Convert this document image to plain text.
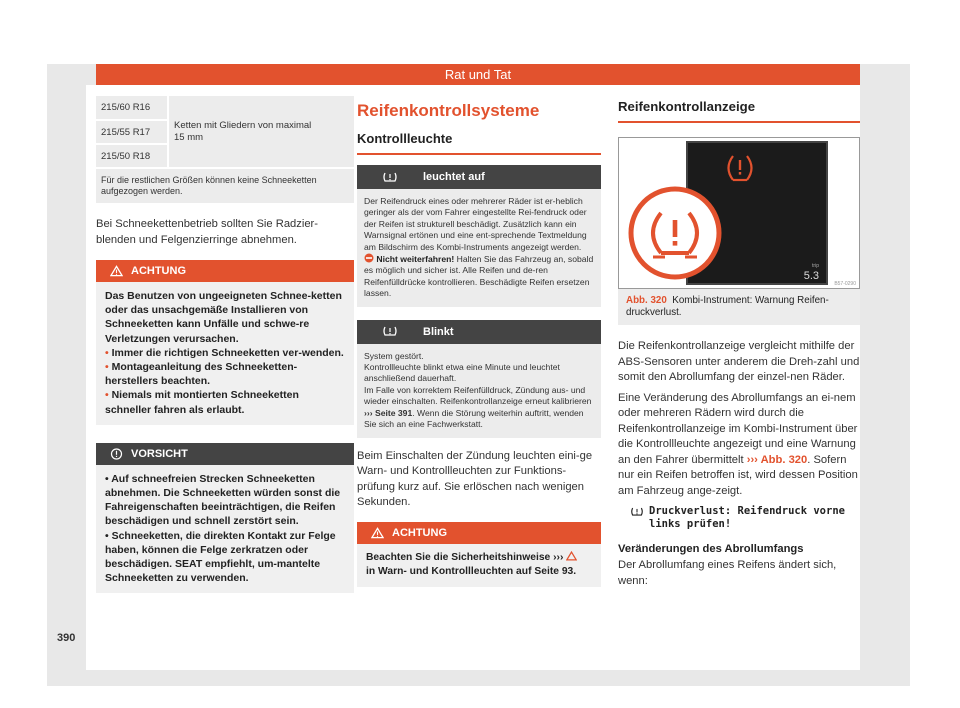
Rat und Tat
215/60 R16	Ketten mit Gliedern von maximal 15 mm
215/55 R17
215/50 R18
Für die restlichen Größen können keine Schneeketten aufgezogen werden.

Bei Schneekettenbetrieb sollten Sie Radzier-blenden und Felgenzierringe abnehmen.

ACHTUNG
Das Benutzen von ungeeigneten Schnee-ketten oder das unsachgemäße Installieren von Schneeketten kann Unfälle und schwe-re Verletzungen verursachen.
• Immer die richtigen Schneeketten ver-wenden.
• Montageanleitung des Schneeketten-herstellers beachten.
• Niemals mit montierten Schneeketten schneller fahren als erlaubt.
VORSICHT
• Auf schneefreien Strecken Schneeketten abnehmen. Die Schneeketten würden sonst die Fahreigenschaften beeinträchtigen, die Reifen beschädigen und schnell zerstört sein.
• Schneeketten, die direkten Kontakt zur Felge haben, können die Felge zerkratzen oder beschädigen. SEAT empfiehlt, um-mantelte Schneeketten zu verwenden.
Reifenkontrollsysteme
Kontrollleuchte
leuchtet auf
Der Reifendruck eines oder mehrerer Räder ist er-heblich geringer als der vom Fahrer eingestellte Rei-fendruck oder der Reifen ist strukturell beschädigt. Zusätzlich kann ein Warnsignal ertönen und eine ent-sprechende Textmeldung am Bildschirm des Kombi-Instruments angezeigt werden.
Nicht weiterfahren! Halten Sie das Fahrzeug an, sobald es möglich und sicher ist. Alle Reifen und de-ren Reifenfülldrücke kontrollieren. Beschädigte Reifen ersetzen lassen.
Blinkt
System gestört.
Kontrollleuchte blinkt etwa eine Minute und leuchtet anschließend dauerhaft.
Im Falle von korrektem Reifenfülldruck, Zündung aus- und wieder einschalten. Reifenkontrollanzeige erneut kalibrieren ››› Seite 391. Wenn die Störung weiterhin auftritt, wenden Sie sich an eine Fachwerkstatt.

Beim Einschalten der Zündung leuchten eini-ge Warn- und Kontrollleuchten zur Funktions-prüfung kurz auf. Sie erlöschen nach wenigen Sekunden.

ACHTUNG
Beachten Sie die Sicherheitshinweise ›››
in Warn- und Kontrollleuchten auf Seite 93.
Reifenkontrollanzeige
trip
5.3
B57-0290
Abb. 320 Kombi-Instrument: Warnung Reifen-druckverlust.

Die Reifenkontrollanzeige vergleicht mithilfe der ABS-Sensoren unter anderem die Dreh-zahl und somit den Abrollumfang der einzel-nen Räder.

Eine Veränderung des Abrollumfangs an ei-nem oder mehreren Rädern wird durch die Reifenkontrollanzeige im Kombi-Instrument über die Kontrollleuchte angezeigt und eine Warnung an den Fahrer übermittelt ››› Abb. 320. Sofern nur ein Reifen betroffen ist, wird dessen Position am Fahrzeug ange-zeigt.

Druckverlust: Reifendruck vorne links prüfen!
Veränderungen des Abrollumfangs

Der Abrollumfang eines Reifens ändert sich, wenn:

390
